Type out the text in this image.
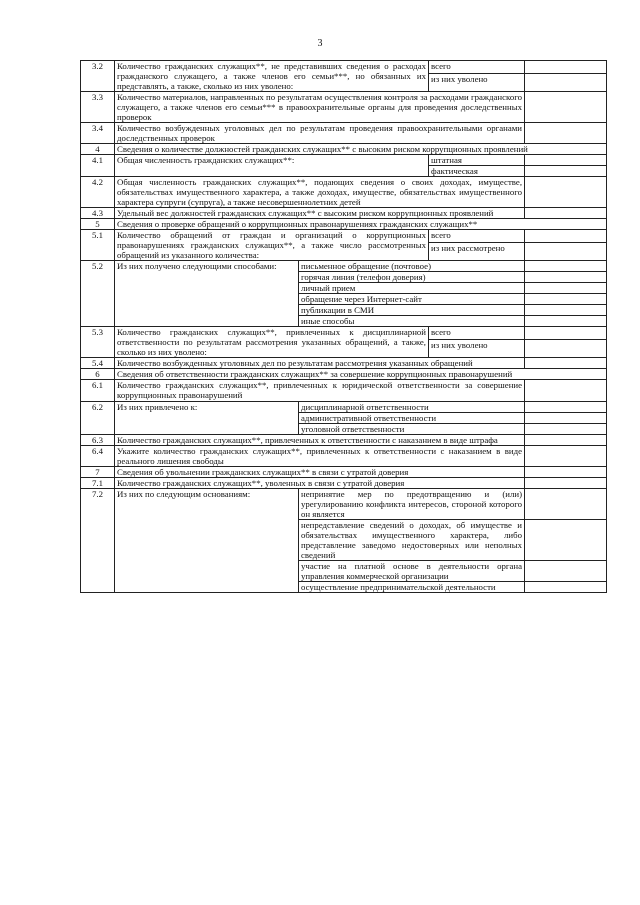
3
3.2	Количество гражданских служащих**, не представивших сведения о расходах гражданского служащего, а также членов его семьи***, но обязанных их представлять, а также, сколько из них уволено:		всего	
			из них уволено	
3.3	Количество материалов, направленных по результатам осуществления контроля за расходами гражданского служащего, а также членов его семьи*** в правоохранительные органы для проведения доследственных проверок			
3.4	Количество возбужденных уголовных дел по результатам проведения правоохранительными органами доследственных проверок			
4	Сведения о количестве должностей гражданских служащих** с высоким риском коррупционных проявлений			
4.1	Общая численность гражданских служащих**:		штатная	
			фактическая	
4.2	Общая численность гражданских служащих**, подающих сведения о своих доходах, имуществе, обязательствах имущественного характера, а также доходах, имуществе, обязательствах имущественного характера супруги (супруга), а также несовершеннолетних детей			
4.3	Удельный вес должностей гражданских служащих** с высоким риском коррупционных проявлений			
5	Сведения о проверке обращений о коррупционных правонарушениях гражданских служащих**			
5.1	Количество обращений от граждан и организаций о коррупционных правонарушениях гражданских служащих**, а также число рассмотренных обращений из указанного количества:		всего	
			из них рассмотрено	
5.2	Из них получено следующими способами:	письменное обращение (почтовое)		
		горячая линия (телефон доверия)		
		личный прием		
		обращение через Интернет-сайт		
		публикации в СМИ		
		иные способы		
5.3	Количество гражданских служащих**, привлеченных к дисциплинарной ответственности по результатам рассмотрения указанных обращений, а также, сколько из них уволено:		всего	
			из них уволено	
5.4	Количество возбужденных уголовных дел по результатам рассмотрения указанных обращений			
6	Сведения об ответственности гражданских служащих** за совершение коррупционных правонарушений			
6.1	Количество гражданских служащих**, привлеченных к юридической ответственности за совершение коррупционных правонарушений			
6.2	Из них привлечено к:	дисциплинарной ответственности		
		административной ответственности		
		уголовной ответственности		
6.3	Количество гражданских служащих**, привлеченных к ответственности с наказанием в виде штрафа			
6.4	Укажите количество гражданских служащих**, привлеченных к ответственности с наказанием в виде реального лишения свободы			
7	Сведения об увольнении гражданских служащих** в связи с утратой доверия			
7.1	Количество гражданских служащих**, уволенных в связи с утратой доверия			
7.2	Из них по следующим основаниям:	непринятие мер по предотвращению и (или) урегулированию конфликта интересов, стороной которого он является		
		непредставление сведений о доходах, об имуществе и обязательствах имущественного характера, либо представление заведомо недостоверных или неполных сведений		
		участие на платной основе в деятельности органа управления коммерческой организации		
		осуществление предпринимательской деятельности		
